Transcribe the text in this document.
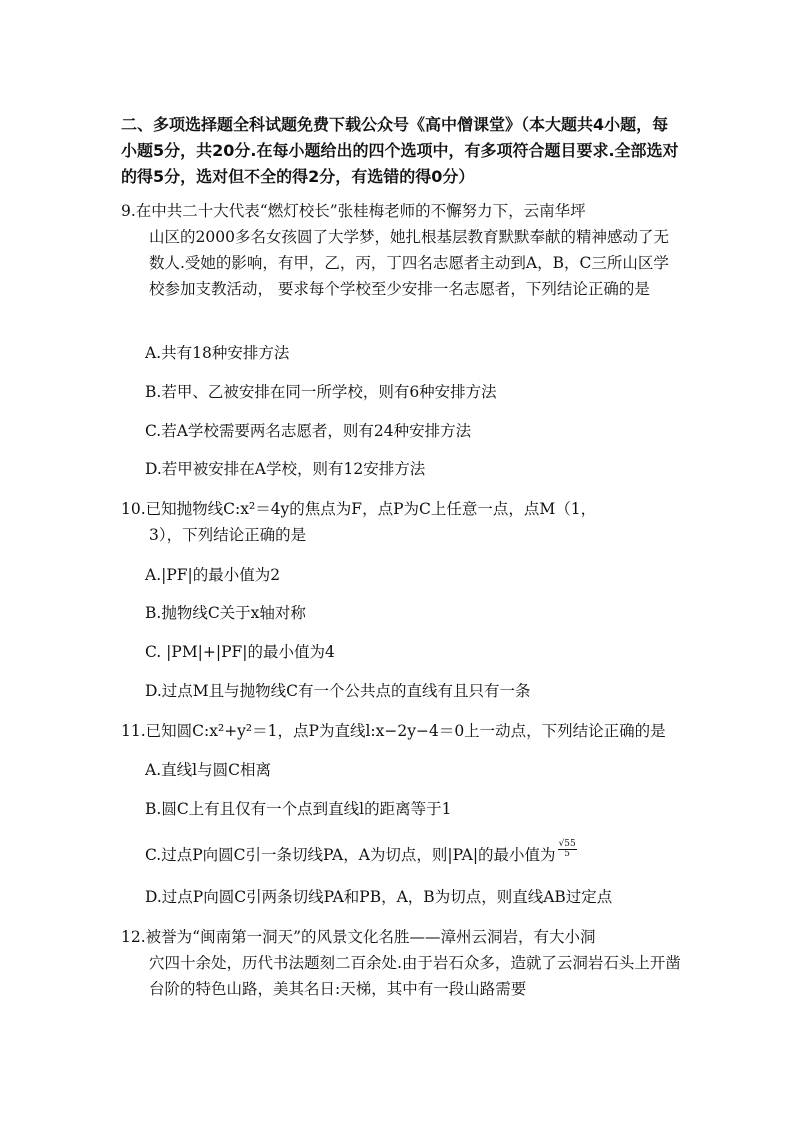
二、多项选择题全科试题免费下载公众号《高中僧课堂》（本大题共4小题，每小题5分，共20分.在每小题给出的四个选项中，有多项符合题目要求.全部选对的得5分，选对但不全的得2分，有选错的得0分）
9.在中共二十大代表“燃灯校长”张桂梅老师的不懈努力下，云南华坪
山区的2000多名女孩圆了大学梦，她扎根基层教育默默奉献的精神感动了无数人.受她的影响，有甲，乙，丙，丁四名志愿者主动到A，B，C三所山区学校参加支教活动， 要求每个学校至少安排一名志愿者，下列结论正确的是
A.共有18种安排方法
B.若甲、乙被安排在同一所学校，则有6种安排方法
C.若A学校需要两名志愿者，则有24种安排方法
D.若甲被安排在A学校，则有12安排方法
10.已知抛物线C:x²＝4y的焦点为F，点P为C上任意一点，点M（1，
3），下列结论正确的是
A.|PF|的最小值为2
B.抛物线C关于x轴对称
C. |PM|+|PF|的最小值为4
D.过点M且与抛物线C有一个公共点的直线有且只有一条
11.已知圆C:x²+y²＝1，点P为直线l:x−2y−4＝0上一动点，下列结论正确的是
A.直线l与圆C相离
B.圆C上有且仅有一个点到直线l的距离等于1
C.过点P向圆C引一条切线PA，A为切点，则|PA|的最小值为 $\frac{√55}{5}$
D.过点P向圆C引两条切线PA和PB，A，B为切点，则直线AB过定点
12.被誉为“闽南第一洞天”的风景文化名胜——漳州云洞岩，有大小洞
穴四十余处，历代书法题刻二百余处.由于岩石众多，造就了云洞岩石头上开凿台阶的特色山路，美其名日:天梯，其中有一段山路需要
